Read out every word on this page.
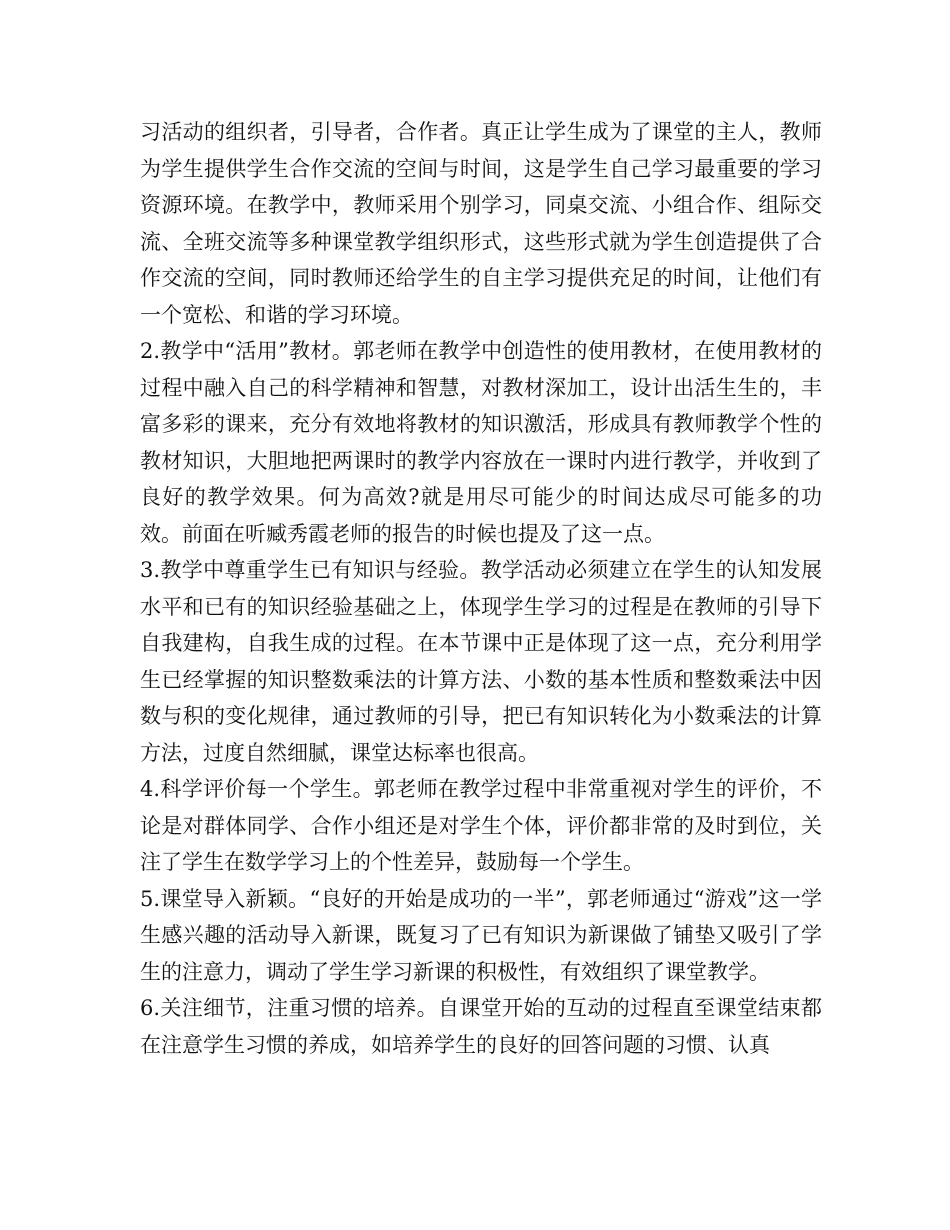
习活动的组织者，引导者，合作者。真正让学生成为了课堂的主人，教师为学生提供学生合作交流的空间与时间，这是学生自己学习最重要的学习资源环境。在教学中，教师采用个别学习，同桌交流、小组合作、组际交流、全班交流等多种课堂教学组织形式，这些形式就为学生创造提供了合作交流的空间，同时教师还给学生的自主学习提供充足的时间，让他们有一个宽松、和谐的学习环境。

2.教学中“活用”教材。郭老师在教学中创造性的使用教材，在使用教材的过程中融入自己的科学精神和智慧，对教材深加工，设计出活生生的，丰富多彩的课来，充分有效地将教材的知识激活，形成具有教师教学个性的教材知识，大胆地把两课时的教学内容放在一课时内进行教学，并收到了良好的教学效果。何为高效?就是用尽可能少的时间达成尽可能多的功效。前面在听臧秀霞老师的报告的时候也提及了这一点。

3.教学中尊重学生已有知识与经验。教学活动必须建立在学生的认知发展水平和已有的知识经验基础之上，体现学生学习的过程是在教师的引导下自我建构，自我生成的过程。在本节课中正是体现了这一点，充分利用学生已经掌握的知识整数乘法的计算方法、小数的基本性质和整数乘法中因数与积的变化规律，通过教师的引导，把已有知识转化为小数乘法的计算方法，过度自然细腻，课堂达标率也很高。

4.科学评价每一个学生。郭老师在教学过程中非常重视对学生的评价，不论是对群体同学、合作小组还是对学生个体，评价都非常的及时到位，关注了学生在数学学习上的个性差异，鼓励每一个学生。

5.课堂导入新颖。“良好的开始是成功的一半”，郭老师通过“游戏”这一学生感兴趣的活动导入新课，既复习了已有知识为新课做了铺垫又吸引了学生的注意力，调动了学生学习新课的积极性，有效组织了课堂教学。

6.关注细节，注重习惯的培养。自课堂开始的互动的过程直至课堂结束都在注意学生习惯的养成，如培养学生的良好的回答问题的习惯、认真
